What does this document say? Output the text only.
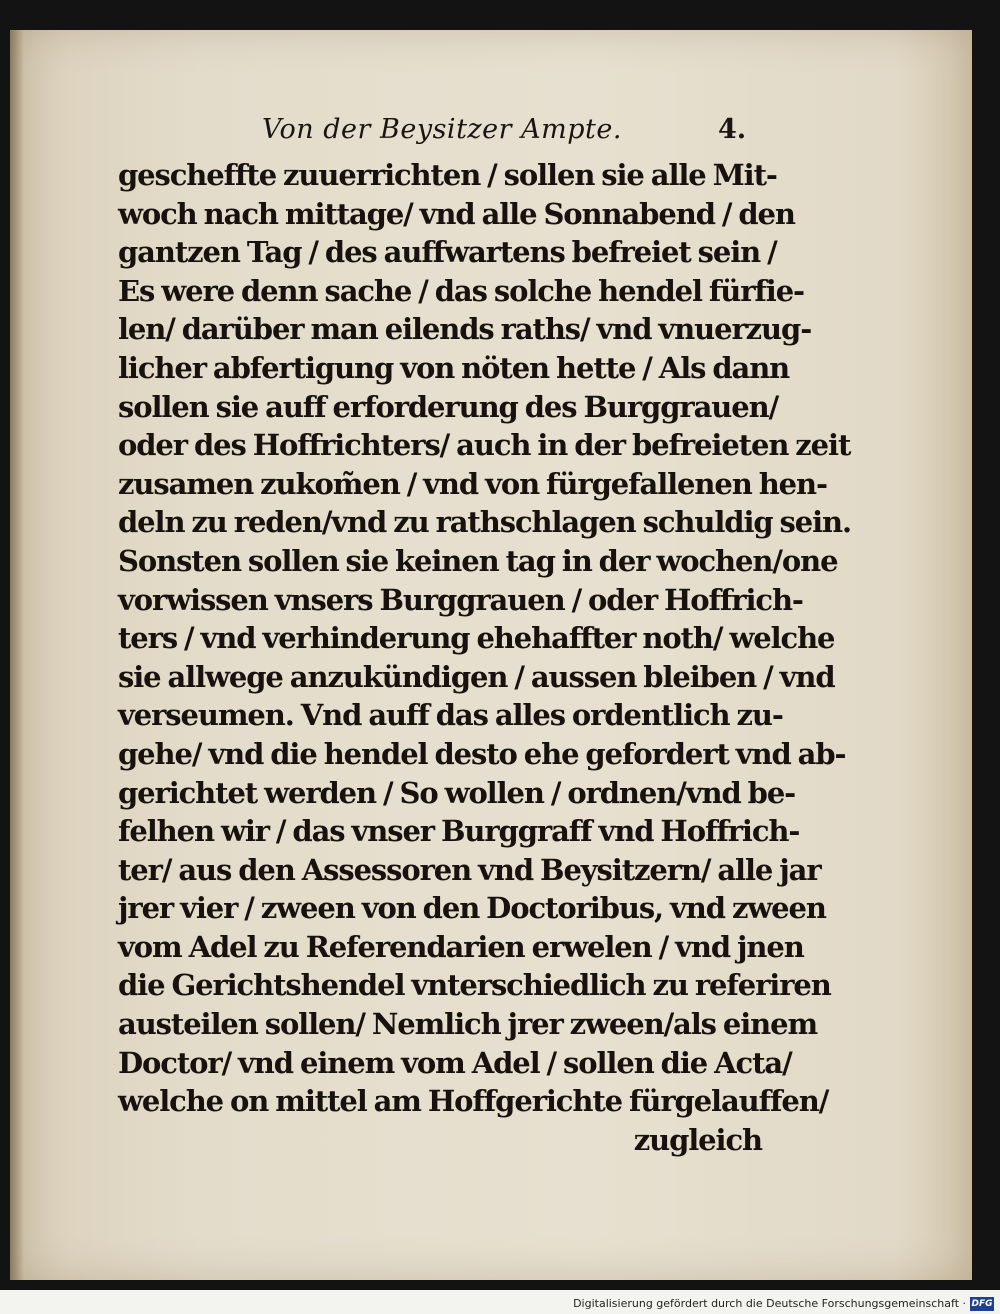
Von der Beysitzer Ampte.	4.
geschefftе zuuerrichten / sollen sie alle Mit-
woch nach mittage/ vnd alle Sonnabend / den
gantzen Tag / des auffwartens befreiet sein /
Es were denn sache / das solche hendel fürfie-
len/ darüber man eilends raths/ vnd vnuerzug-
licher abfertigung von nöten hette / Als dann
sollen sie auff erforderung des Burggrauen/
oder des Hoffrichters/ auch in der befreieten zeit
zusamen zukom̃en / vnd von fürgefallenen hen-
deln zu reden/vnd zu rathschlagen schuldig sein.
Sonsten sollen sie keinen tag in der wochen/one
vorwissen vnsers Burggrauen / oder Hoffrich-
ters / vnd verhinderung ehehaffter noth/ welche
sie allwege anzukündigen / aussen bleiben / vnd
verseumen. Vnd auff das alles ordentlich zu-
gehe/ vnd die hendel desto ehe gefordert vnd ab-
gerichtet werden / So wollen / ordnen/vnd be-
felhen wir / das vnser Burggraff vnd Hoffrich-
ter/ aus den Assessoren vnd Beysitzern/ alle jar
jrer vier / zween von den Doctoribus, vnd zween
vom Adel zu Referendarien erwelen / vnd jnen
die Gerichtshendel vnterschiedlich zu referiren
austeilen sollen/ Nemlich jrer zween/als einem
Doctor/ vnd einem vom Adel / sollen die Acta/
welche on mittel am Hoffgerichte fürgelauffen/
zugleich
Digitalisierung gefördert durch die Deutsche Forschungsgemeinschaft · DFG
